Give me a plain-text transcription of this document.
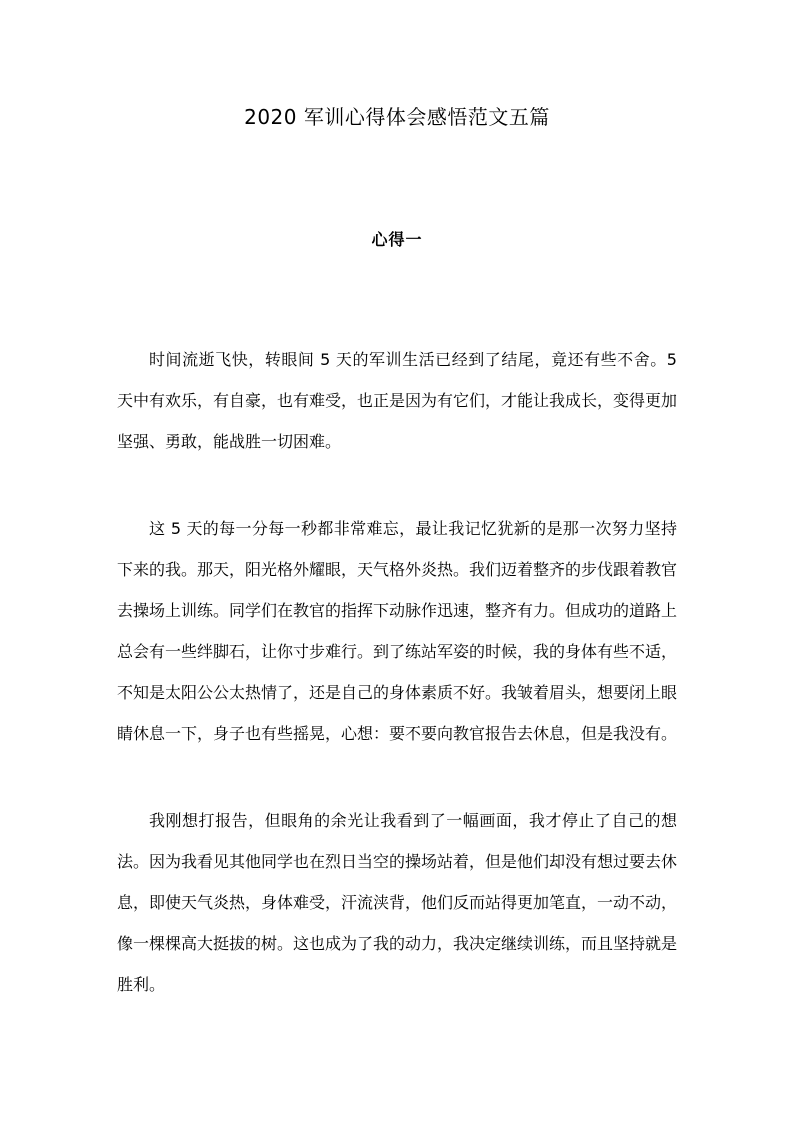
2020 军训心得体会感悟范文五篇
心得一

时间流逝飞快，转眼间 5 天的军训生活已经到了结尾，竟还有些不舍。5 天中有欢乐，有自豪，也有难受，也正是因为有它们，才能让我成长，变得更加坚强、勇敢，能战胜一切困难。

这 5 天的每一分每一秒都非常难忘，最让我记忆犹新的是那一次努力坚持下来的我。那天，阳光格外耀眼，天气格外炎热。我们迈着整齐的步伐跟着教官去操场上训练。同学们在教官的指挥下动脉作迅速，整齐有力。但成功的道路上总会有一些绊脚石，让你寸步难行。到了练站军姿的时候，我的身体有些不适，不知是太阳公公太热情了，还是自己的身体素质不好。我皱着眉头，想要闭上眼睛休息一下，身子也有些摇晃，心想：要不要向教官报告去休息，但是我没有。

我刚想打报告，但眼角的余光让我看到了一幅画面，我才停止了自己的想法。因为我看见其他同学也在烈日当空的操场站着，但是他们却没有想过要去休息，即使天气炎热，身体难受，汗流浃背，他们反而站得更加笔直，一动不动，像一棵棵高大挺拔的树。这也成为了我的动力，我决定继续训练，而且坚持就是胜利。
